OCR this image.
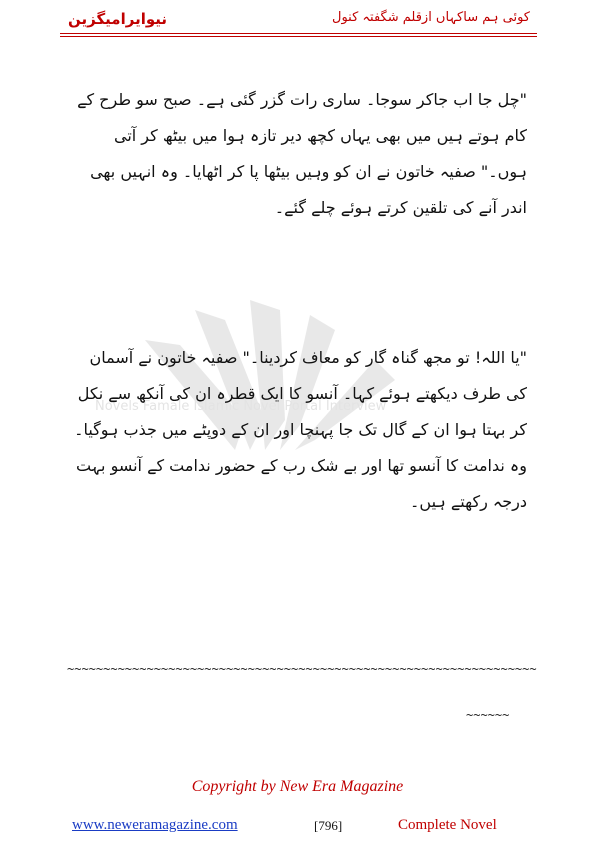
نیوایرامیگزین	کوئی ہم ساکہاں ازقلم شگفتہ کنول
Novels Famale Islamic Novel Portal Interview
"چل جا اب جاکر سوجا۔ ساری رات گزر گئی ہے۔ صبح سو طرح کے کام ہوتے ہیں میں بھی یہاں کچھ دیر تازہ ہوا میں بیٹھ کر آتی ہوں۔" صفیہ خاتون نے ان کو وہیں بیٹھا پا کر اٹھایا۔ وہ انہیں بھی اندر آنے کی تلقین کرتے ہوئے چلے گئے۔
"یا اللہ! تو مجھ گناہ گار کو معاف کردینا۔" صفیہ خاتون نے آسمان کی طرف دیکھتے ہوئے کہا۔ آنسو کا ایک قطرہ ان کی آنکھ سے نکل کر بہتا ہوا ان کے گال تک جا پہنچا اور ان کے دوپٹے میں جذب ہوگیا۔ وہ ندامت کا آنسو تھا اور بے شک رب کے حضور ندامت کے آنسو بہت درجہ رکھتے ہیں۔
~~~~~~~~~~~~~~~~~~~~~~~~~~~~~~~~~~~~~~~~~~~~~~~~~~~~~~~~~~~~~~~~~
~~~~~~
Copyright by New Era Magazine
www.neweramagazine.com	[796]	Complete Novel
